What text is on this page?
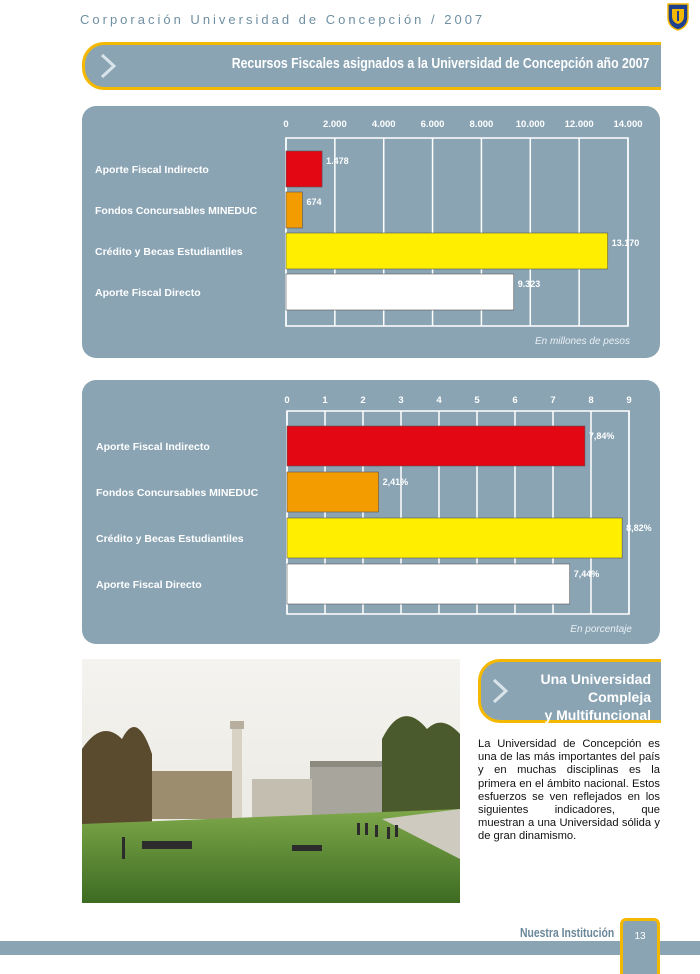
Corporación Universidad de Concepción / 2007
Recursos Fiscales asignados a la Universidad de Concepción año 2007
0	2.000	4.000	6.000	8.000 10.000 12.000 14.000
Aporte Fiscal Indirecto
1.478
Fondos Concursables MINEDUC
674
Crédito y Becas Estudiantiles
13.170
Aporte Fiscal Directo
9.323
En millones de pesos
0	1	2	3	4	5	6	7	8	9
Aporte Fiscal Indirecto
7,84%
Fondos Concursables MINEDUC
2,41%
Crédito y Becas Estudiantiles
8,82%
Aporte Fiscal Directo
7,44%
En porcentaje
Una Universidad Compleja
y Multifuncional
La Universidad de Concepción es una de las más importantes del país y en muchas disciplinas es la primera en el ámbito nacional. Estos esfuerzos se ven reflejados en los siguientes indicadores, que muestran a una Universidad sólida y de gran dinamismo.
Nuestra Institución	13
